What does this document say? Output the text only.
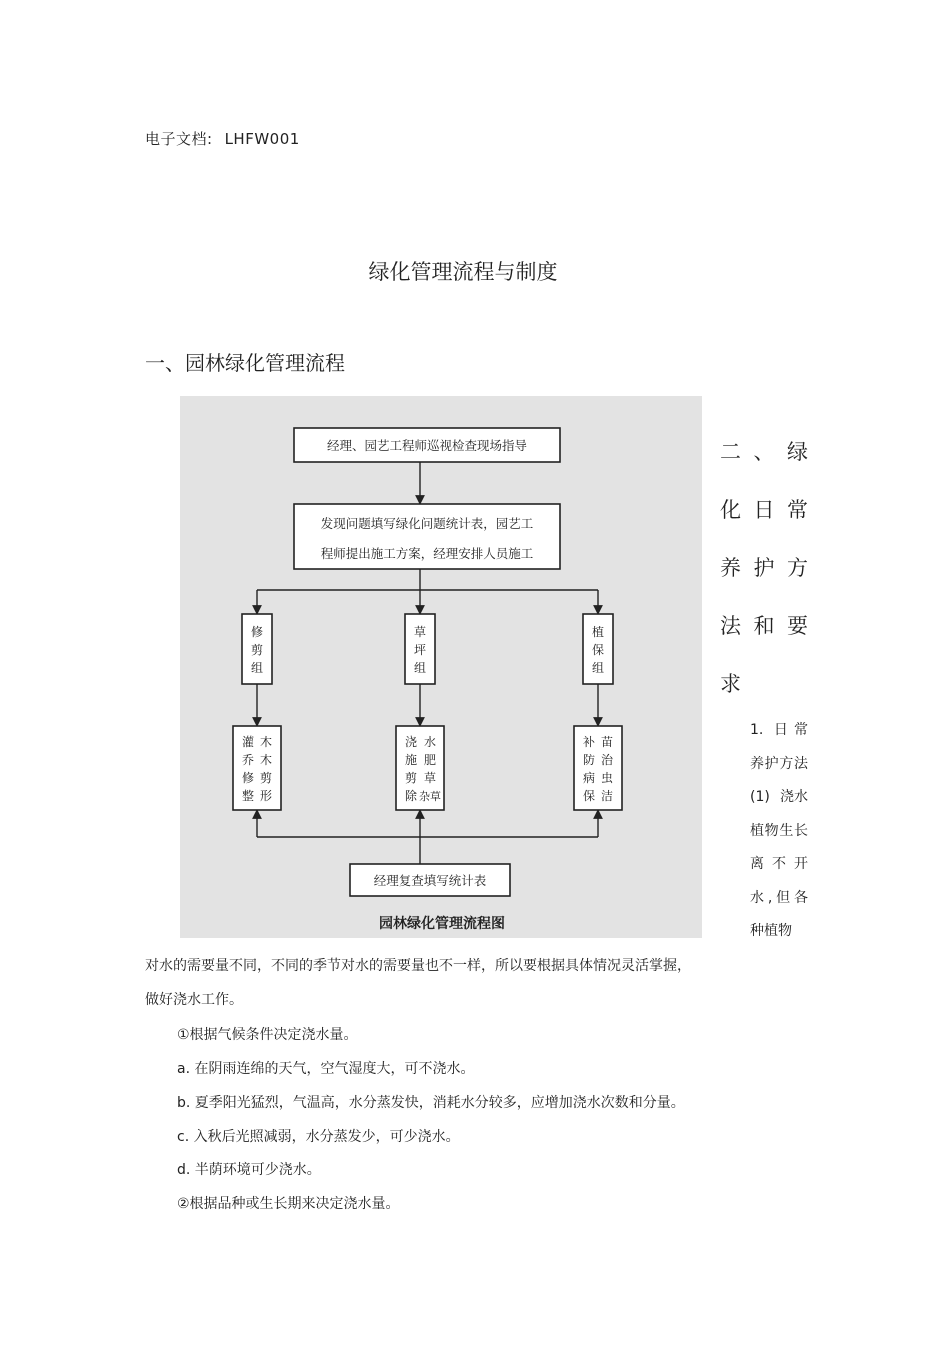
电子文档: LHFW001
绿化管理流程与制度
一、园林绿化管理流程
经理、园艺工程师巡视检查现场指导
发现问题填写绿化问题统计表，园艺工
程师提出施工方案，经理安排人员施工
修
剪
组
草
坪
组
植
保
组
灌
乔
修
整
木
木
剪
形
浇
施
剪
除
水
肥
草
杂草
补
防
病
保
苗
治
虫
洁
经理复查填写统计表
园林绿化管理流程图
二 、 绿
化 日 常
养 护 方
法 和 要
求
1. 日常养护方法
(1) 浇水
植物生长离不开水,但各种植物

对水的需要量不同，不同的季节对水的需要量也不一样，所以要根据具体情况灵活掌握，

做好浇水工作。

①根据气候条件决定浇水量。
a. 在阴雨连绵的天气，空气湿度大，可不浇水。
b. 夏季阳光猛烈，气温高，水分蒸发快，消耗水分较多，应增加浇水次数和分量。
c. 入秋后光照减弱，水分蒸发少，可少浇水。
d. 半荫环境可少浇水。
②根据品种或生长期来决定浇水量。
